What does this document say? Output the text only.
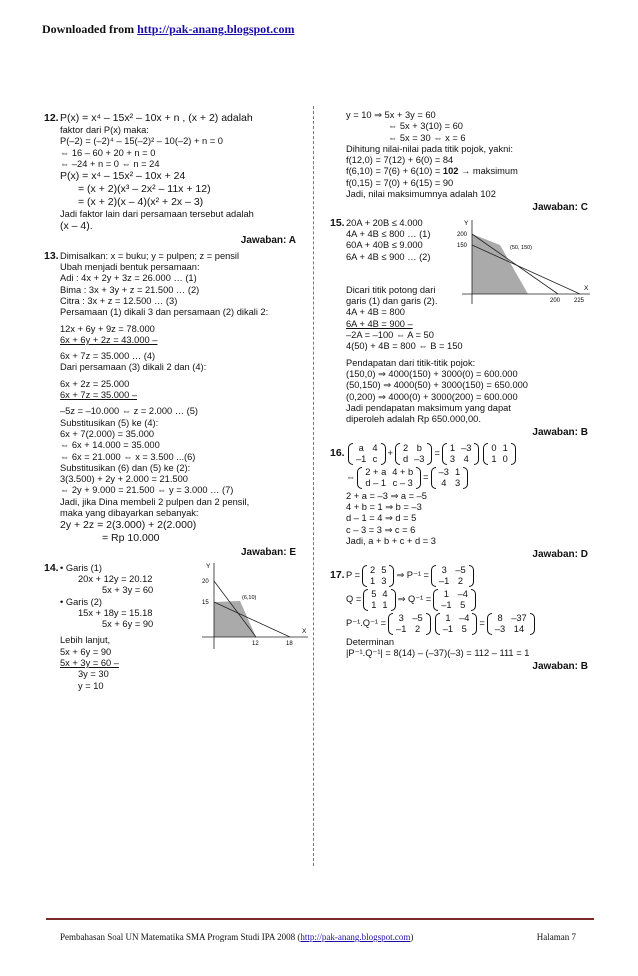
Downloaded from http://pak-anang.blogspot.com
12.P(x) = x⁴ – 15x² – 10x + n , (x + 2) adalah
faktor dari P(x) maka:
P(–2) = (–2)⁴ – 15(–2)² – 10(–2) + n = 0
⇔ 16 – 60 + 20 + n = 0
⇔ –24 + n = 0 ⇔ n = 24
P(x) = x⁴ – 15x² – 10x + 24
= (x + 2)(x³ – 2x² – 11x + 12)
= (x + 2)(x – 4)(x² + 2x – 3)
Jadi faktor lain dari persamaan tersebut adalah
(x – 4).
Jawaban: A
13.Dimisalkan: x = buku; y = pulpen; z = pensil
Ubah menjadi bentuk persamaan:
Adi : 4x + 2y + 3z = 26.000 … (1)
Bima : 3x + 3y + z = 21.500 … (2)
Citra : 3x + z = 12.500 … (3)
Persamaan (1) dikali 3 dan persamaan (2) dikali 2:
12x + 6y + 9z = 78.000
6x + 6y + 2z = 43.000 –
6x + 7z = 35.000 … (4)
Dari persamaan (3) dikali 2 dan (4):
6x + 2z = 25.000
6x + 7z = 35.000 –
–5z = –10.000 ⇔ z = 2.000 … (5)
Substitusikan (5) ke (4):
6x + 7(2.000) = 35.000
⇔ 6x + 14.000 = 35.000
⇔ 6x = 21.000 ⇔ x = 3.500 ...(6)
Substitusikan (6) dan (5) ke (2):
3(3.500) + 2y + 2.000 = 21.500
⇔ 2y + 9.000 = 21.500 ⇔ y = 3.000 … (7)
Jadi, jika Dina membeli 2 pulpen dan 2 pensil,
maka yang dibayarkan sebanyak:
2y + 2z = 2(3.000) + 2(2.000)
= Rp 10.000
Jawaban: E
14.• Garis (1)
20x + 12y = 20.12
5x + 3y = 60
• Garis (2)
15x + 18y = 15.18
5x + 6y = 90
Lebih lanjut,
5x + 6y = 90
5x + 3y = 60 –
3y = 30
y = 10
Y
X
20
15
12	18
(6,10)
y = 10 ⇒ 5x + 3y = 60
⇔ 5x + 3(10) = 60
⇔ 5x = 30 ⇔ x = 6
Dihitung nilai-nilai pada titik pojok, yakni:
f(12,0) = 7(12) + 6(0) = 84
f(6,10) = 7(6) + 6(10) = 102 → maksimum
f(0,15) = 7(0) + 6(15) = 90
Jadi, nilai maksimumnya adalah 102
Jawaban: C
15.20A + 20B ≤ 4.000
4A + 4B ≤ 800 … (1)
60A + 40B ≤ 9.000
6A + 4B ≤ 900 … (2)
Dicari titik potong dari
garis (1) dan garis (2).
4A + 4B = 800
6A + 4B = 900 –
–2A = –100 ⇔ A = 50
4(50) + 4B = 800 ⇔ B = 150
Pendapatan dari titik-titik pojok:
(150,0) ⇒ 4000(150) + 3000(0) = 600.000
(50,150) ⇒ 4000(50) + 3000(150) = 650.000
(0,200) ⇒ 4000(0) + 3000(200) = 600.000
Jadi pendapatan maksimum yang dapat
diperoleh adalah Rp 650.000,00.
Jawaban: B
Y
X
200
150
200 225
(50, 150)
16. a	4
–1	c
+
2	b
d	–3
=
1	–3
3	4
0	1
1	0
⇔
2 + a	4 + b
d – 1	c – 3
=
–3	1
4	3
2 + a = –3 ⇒ a = –5
4 + b = 1 ⇒ b = –3
d – 1 = 4 ⇒ d = 5
c – 3 = 3 ⇒ c = 6
Jadi, a + b + c + d = 3
Jawaban: D
17. P =
2	5
1	3
⇒ P⁻¹ =
3	–5
–1	2
Q =
5	4
1	1
⇒ Q⁻¹ =
1	–4
–1	5
P⁻¹.Q⁻¹ =
3	–5
–1	2
1	–4
–1	5
=
8	–37
–3	14
Determinan
|P⁻¹.Q⁻¹| = 8(14) – (–37)(–3) = 112 – 111 = 1
Jawaban: B
Pembahasan Soal UN Matematika SMA Program Studi IPA 2008 (http://pak-anang.blogspot.com)	Halaman 7
